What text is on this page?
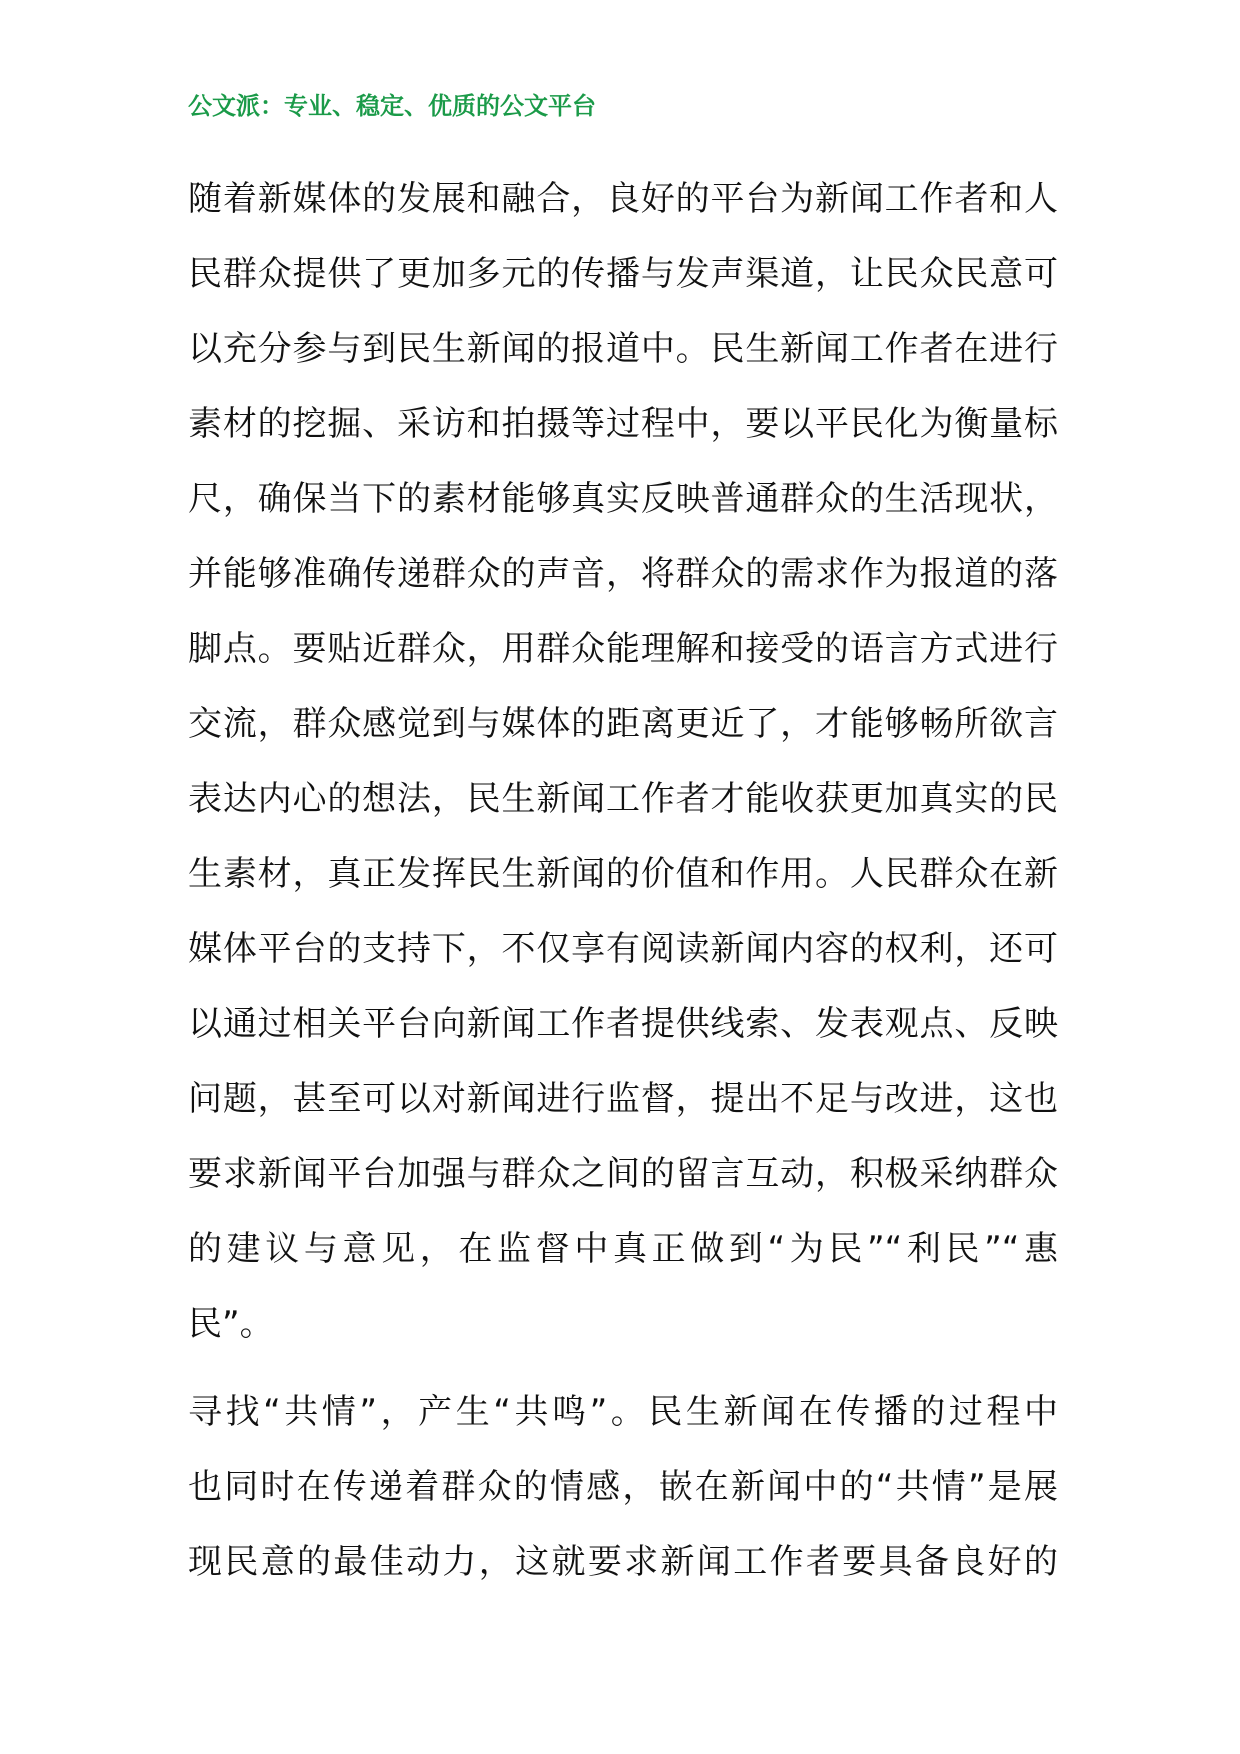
公文派：专业、稳定、优质的公文平台
随着新媒体的发展和融合，良好的平台为新闻工作者和人
民群众提供了更加多元的传播与发声渠道，让民众民意可
以充分参与到民生新闻的报道中。民生新闻工作者在进行
素材的挖掘、采访和拍摄等过程中，要以平民化为衡量标
尺，确保当下的素材能够真实反映普通群众的生活现状，
并能够准确传递群众的声音，将群众的需求作为报道的落
脚点。要贴近群众，用群众能理解和接受的语言方式进行
交流，群众感觉到与媒体的距离更近了，才能够畅所欲言
表达内心的想法，民生新闻工作者才能收获更加真实的民
生素材，真正发挥民生新闻的价值和作用。人民群众在新
媒体平台的支持下，不仅享有阅读新闻内容的权利，还可
以通过相关平台向新闻工作者提供线索、发表观点、反映
问题，甚至可以对新闻进行监督，提出不足与改进，这也
要求新闻平台加强与群众之间的留言互动，积极采纳群众
的建议与意见，在监督中真正做到“为民”“利民”“惠
民”。
寻找“共情”，产生“共鸣”。民生新闻在传播的过程中
也同时在传递着群众的情感，嵌在新闻中的“共情”是展
现民意的最佳动力，这就要求新闻工作者要具备良好的
